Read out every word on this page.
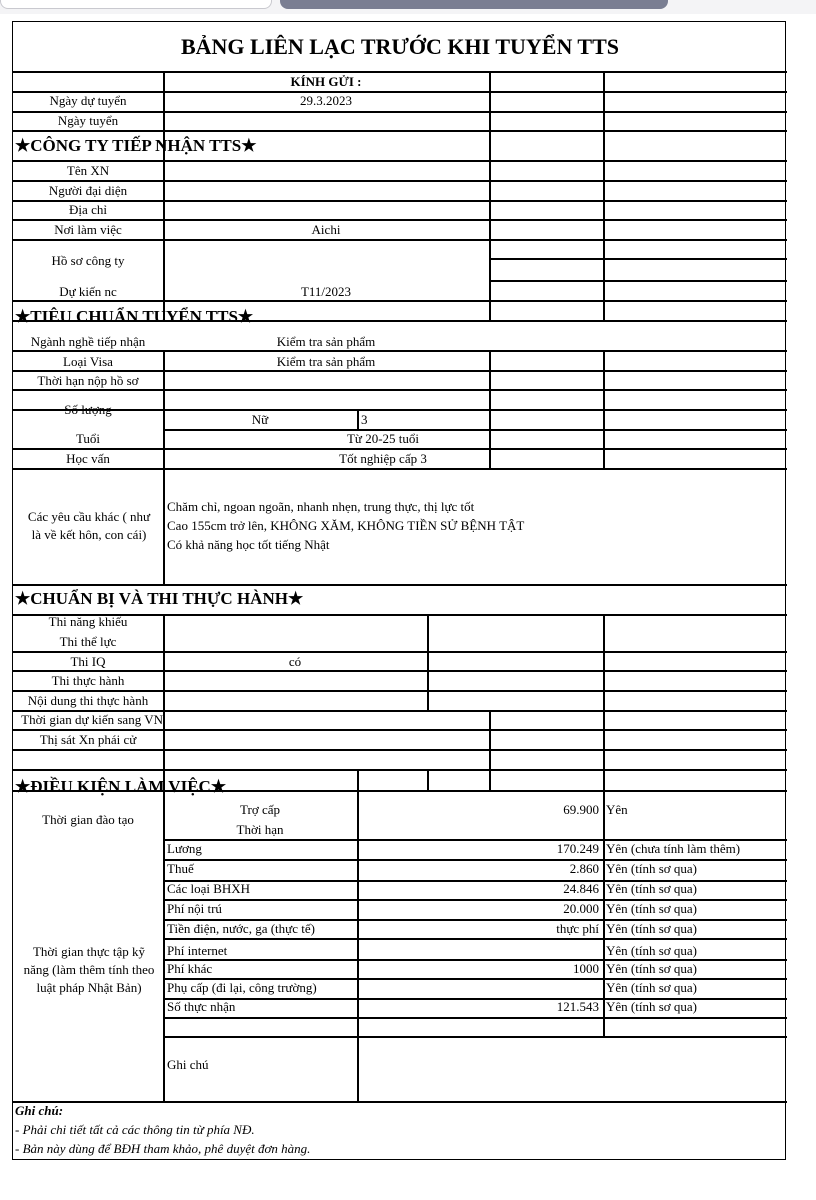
BẢNG LIÊN LẠC TRƯỚC KHI TUYỂN TTS
KÍNH GỬI :
Ngày dự tuyển	29.3.2023
Ngày tuyển
★CÔNG TY TIẾP NHẬN TTS★
Tên XN
Người đại diện
Địa chỉ
Nơi làm việc	Aichi
Hồ sơ công ty
Dự kiến nc	T11/2023
★TIÊU CHUẨN TUYỂN TTS★
Ngành nghề tiếp nhận	Kiểm tra sản phẩm
Loại Visa	Kiểm tra sản phẩm
Thời hạn nộp hồ sơ
Số lượng
Nữ	3
Tuổi	Từ 20-25 tuổi
Học vấn	Tốt nghiệp cấp 3
Các yêu cầu khác ( như
là về kết hôn, con cái)
Chăm chỉ, ngoan ngoãn, nhanh nhẹn, trung thực, thị lực tốt
Cao 155cm trở lên, KHÔNG XĂM, KHÔNG TIỀN SỬ BỆNH TẬT
Có khả năng học tốt tiếng Nhật
★CHUẨN BỊ VÀ THI THỰC HÀNH★
Thi năng khiếu
Thi thể lực
Thi IQ	có
Thi thực hành
Nội dung thi thực hành
Thời gian dự kiến sang VN
Thị sát Xn phái cử
★ĐIỀU KIỆN LÀM VIỆC★
Thời gian đào tạo
Trợ cấp	69.900 Yên
Thời hạn
Thời gian thực tập kỹ
năng (làm thêm tính theo
luật pháp Nhật Bản)
Lương	170.249 Yên (chưa tính làm thêm)
Thuế	2.860 Yên (tính sơ qua)
Các loại BHXH	24.846 Yên (tính sơ qua)
Phí nội trú	20.000 Yên (tính sơ qua)
Tiền điện, nước, ga (thực tế)	thực phí Yên (tính sơ qua)
Phí internet	Yên (tính sơ qua)
Phí khác	1000 Yên (tính sơ qua)
Phụ cấp (đi lại, công trường)	Yên (tính sơ qua)
Số thực nhận	121.543 Yên (tính sơ qua)
Ghi chú
Ghi chú:
- Phải chi tiết tất cả các thông tin từ phía NĐ.
- Bản này dùng để BĐH tham khảo, phê duyệt đơn hàng.
